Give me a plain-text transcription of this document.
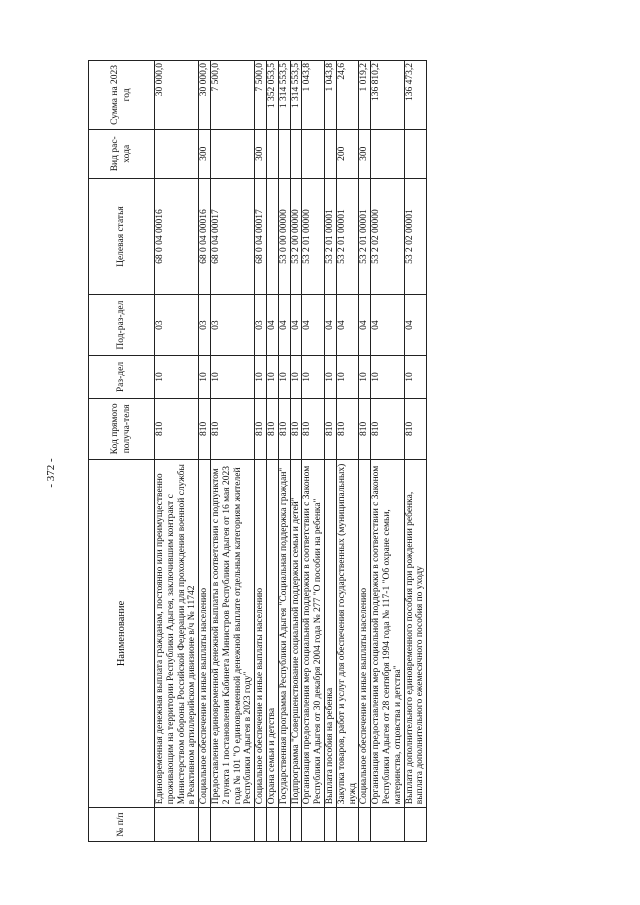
- 372 -
№ п/п	Наименование	Код прямого получа-теля	Раз-дел	Под-раз-дел	Целевая статья	Вид рас-хода	Сумма на 2023 год
	Единовременная денежная выплата гражданам, постоянно или преимущественно проживающим на территории Республики Адыгея, заключившим контракт с Министерством обороны Российской Федерации для прохождения военной службы в Реактивном артиллерийском дивизионе в/ч № 11742	810	10	03	68 0 04 00016		30 000,0
	Социальное обеспечение и иные выплаты населению	810	10	03	68 0 04 00016	300	30 000,0
	Предоставление единовременной денежной выплаты в соответствии с подпунктом 2 пункта 1 постановления Кабинета Министров Республики Адыгея от 16 мая 2023 года № 101 "О единовременной денежной выплате отдельным категориям жителей Республики Адыгея в 2023 году"	810	10	03	68 0 04 00017		7 500,0
	Социальное обеспечение и иные выплаты населению	810	10	03	68 0 04 00017	300	7 500,0
	Охрана семьи и детства	810	10	04			1 352 053,5
	Государственная программа Республики Адыгея "Социальная поддержка граждан"	810	10	04	53 0 00 00000		1 314 553,5
	Подпрограмма "Совершенствование социальной поддержки семьи и детей"	810	10	04	53 2 00 00000		1 314 553,5
	Организация предоставления мер социальной поддержки в соответствии с Законом Республики Адыгея от 30 декабря 2004 года № 277 "О пособии на ребенка"	810	10	04	53 2 01 00000		1 043,8
	Выплата пособия на ребенка	810	10	04	53 2 01 00001		1 043,8
	Закупка товаров, работ и услуг для обеспечения государственных (муниципальных) нужд	810	10	04	53 2 01 00001	200	24,6
	Социальное обеспечение и иные выплаты населению	810	10	04	53 2 01 00001	300	1 019,2
	Организация предоставления мер социальной поддержки в соответствии с Законом Республики Адыгея от 28 сентября 1994 года № 117-1 "Об охране семьи, материнства, отцовства и детства"	810	10	04	53 2 02 00000		136 810,2
	Выплата дополнительного единовременного пособия при рождении ребенка, выплата дополнительного ежемесячного пособия по уходу	810	10	04	53 2 02 00001		136 473,2
